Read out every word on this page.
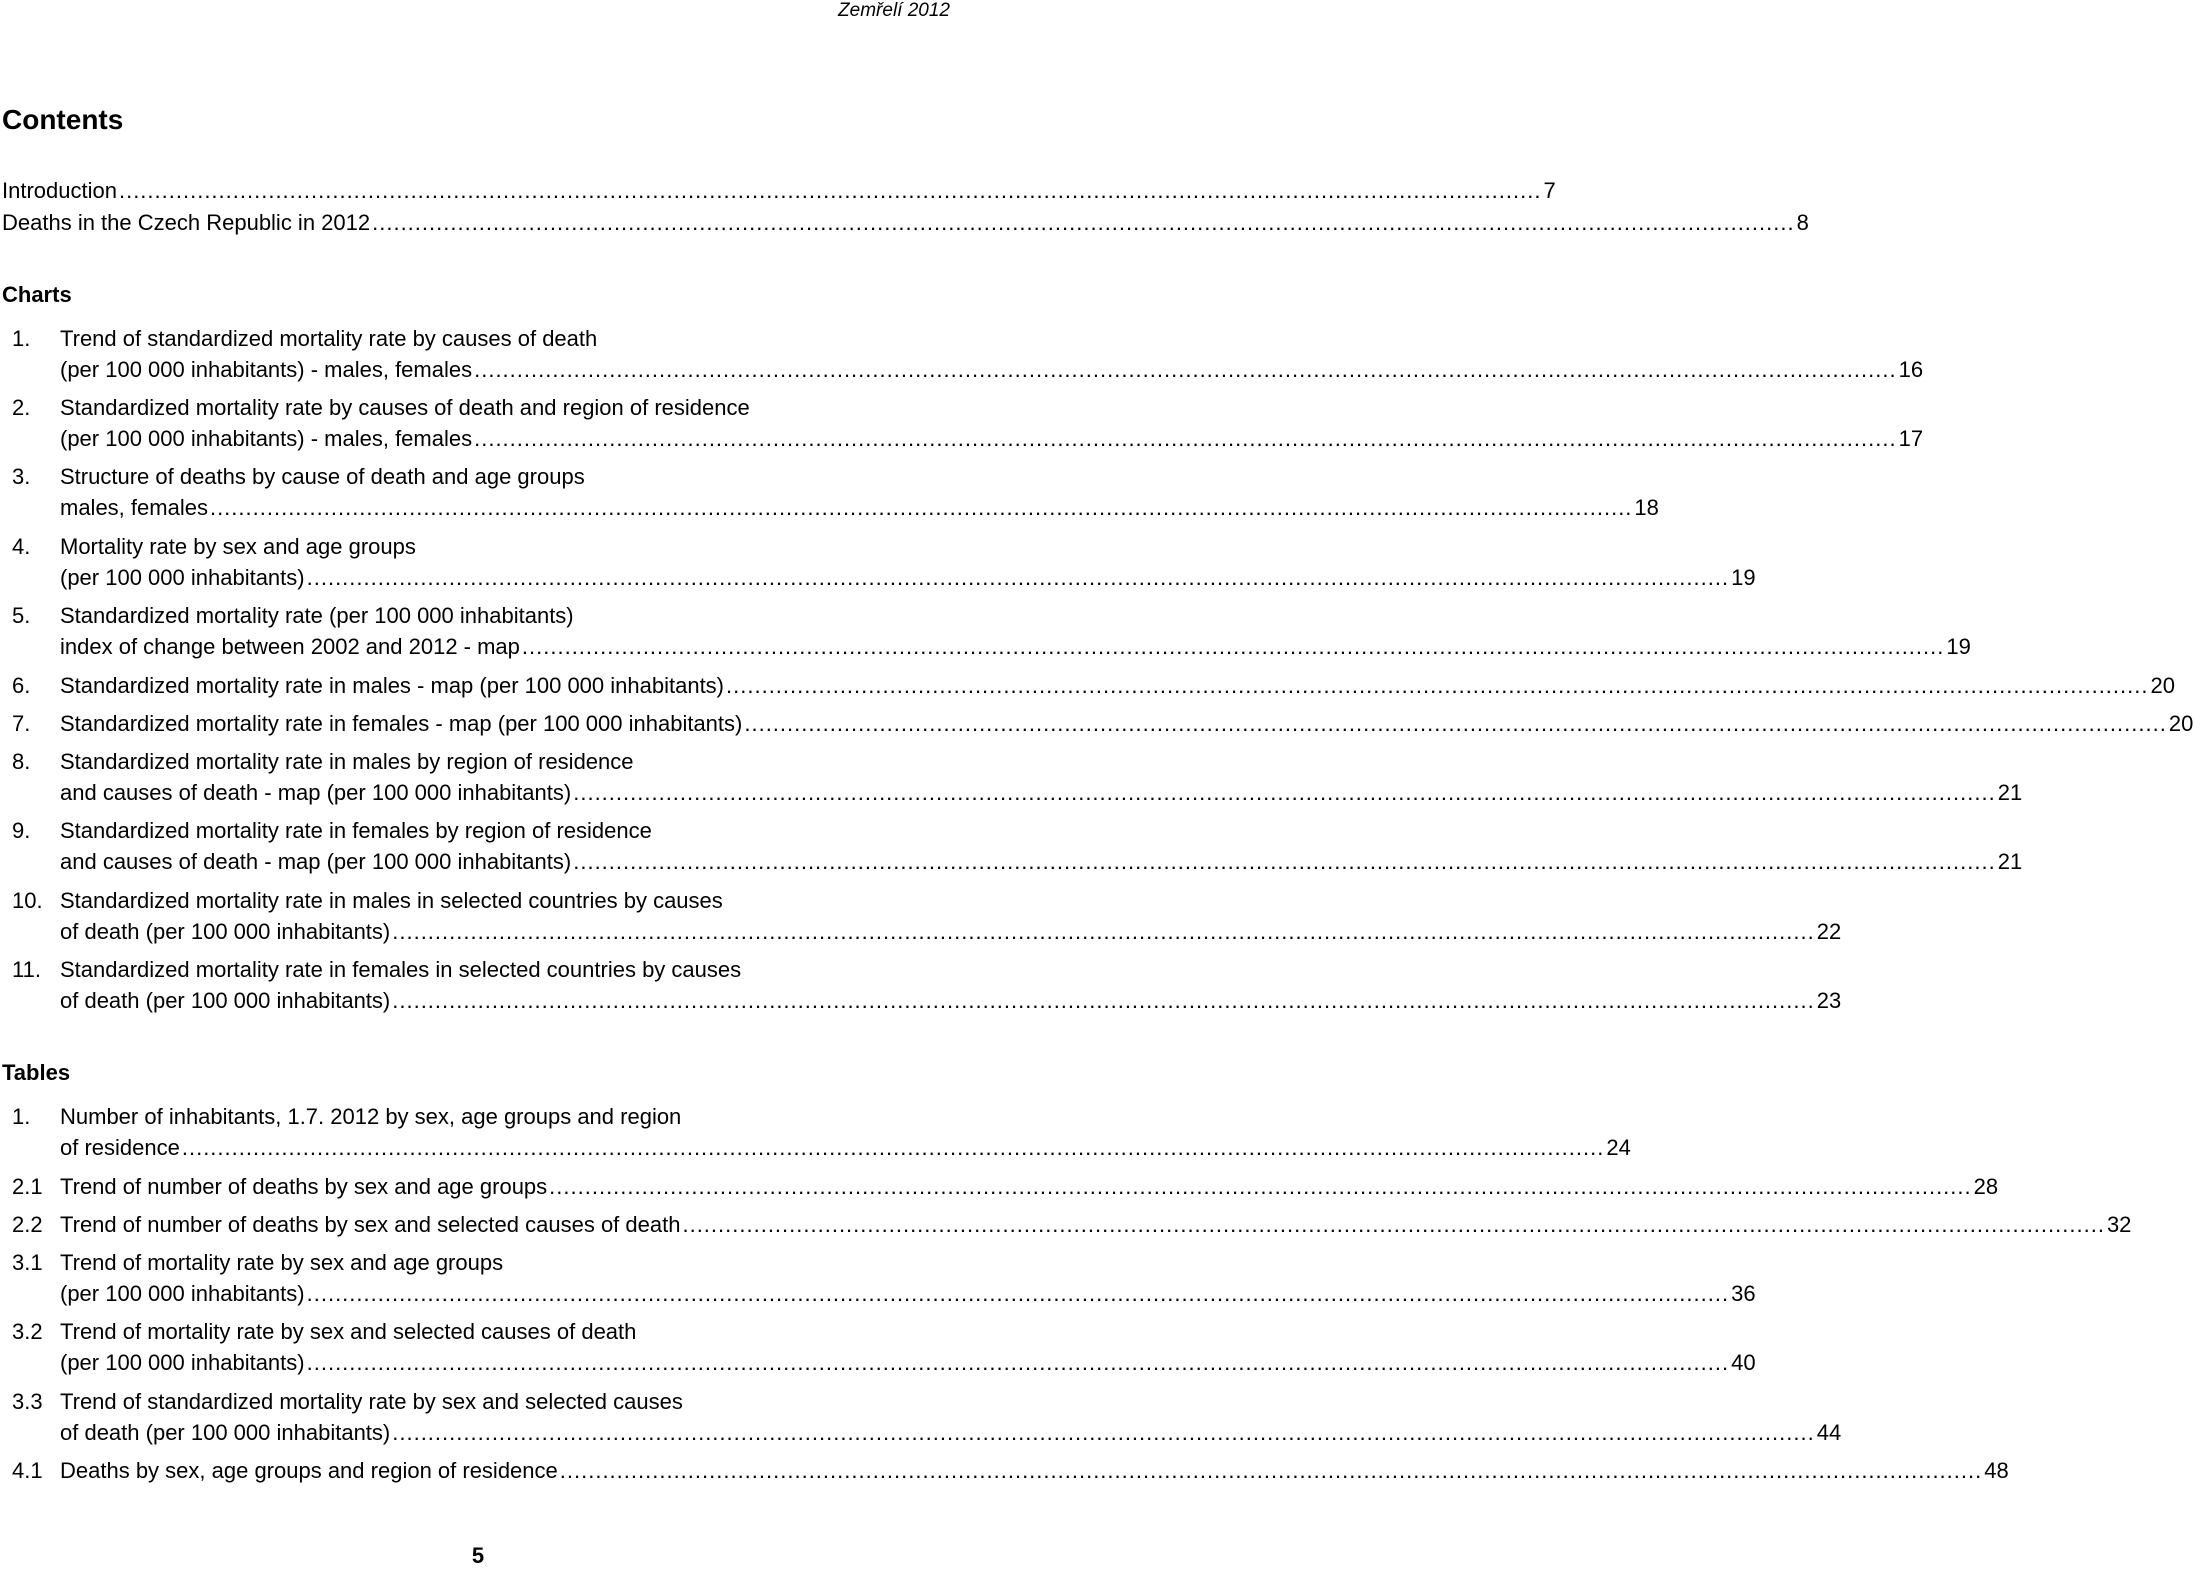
Zemřelí 2012
Contents
Introduction ........................................................................................................................................................................................................ 7
Deaths in the Czech Republic in 2012 ........................................................................................................................................................................................................ 8
Charts
1. Trend of standardized mortality rate by causes of death
(per 100 000 inhabitants) - males, females ........................................................................................................................................................................................................ 16
2. Standardized mortality rate by causes of death and region of residence
(per 100 000 inhabitants) - males, females ........................................................................................................................................................................................................ 17
3. Structure of deaths by cause of death and age groups
males, females ........................................................................................................................................................................................................ 18
4. Mortality rate by sex and age groups
(per 100 000 inhabitants) ........................................................................................................................................................................................................ 19
5. Standardized mortality rate (per 100 000 inhabitants)
index of change between 2002 and 2012 - map ........................................................................................................................................................................................................ 19
6. Standardized mortality rate in males - map (per 100 000 inhabitants) ........................................................................................................................................................................................................ 20
7. Standardized mortality rate in females - map (per 100 000 inhabitants) ........................................................................................................................................................................................................ 20
8. Standardized mortality rate in males by region of residence
and causes of death - map (per 100 000 inhabitants) ........................................................................................................................................................................................................ 21
9. Standardized mortality rate in females by region of residence
and causes of death - map (per 100 000 inhabitants) ........................................................................................................................................................................................................ 21
10. Standardized mortality rate in males in selected countries by causes
of death (per 100 000 inhabitants) ........................................................................................................................................................................................................ 22
11. Standardized mortality rate in females in selected countries by causes
of death (per 100 000 inhabitants) ........................................................................................................................................................................................................ 23
Tables
1. Number of inhabitants, 1.7. 2012 by sex, age groups and region
of residence ........................................................................................................................................................................................................ 24
2.1 Trend of number of deaths by sex and age groups ........................................................................................................................................................................................................ 28
2.2 Trend of number of deaths by sex and selected causes of death ........................................................................................................................................................................................................ 32
3.1 Trend of mortality rate by sex and age groups
(per 100 000 inhabitants) ........................................................................................................................................................................................................ 36
3.2 Trend of mortality rate by sex and selected causes of death
(per 100 000 inhabitants) ........................................................................................................................................................................................................ 40
3.3 Trend of standardized mortality rate by sex and selected causes
of death (per 100 000 inhabitants) ........................................................................................................................................................................................................ 44
4.1 Deaths by sex, age groups and region of residence ........................................................................................................................................................................................................ 48
5
